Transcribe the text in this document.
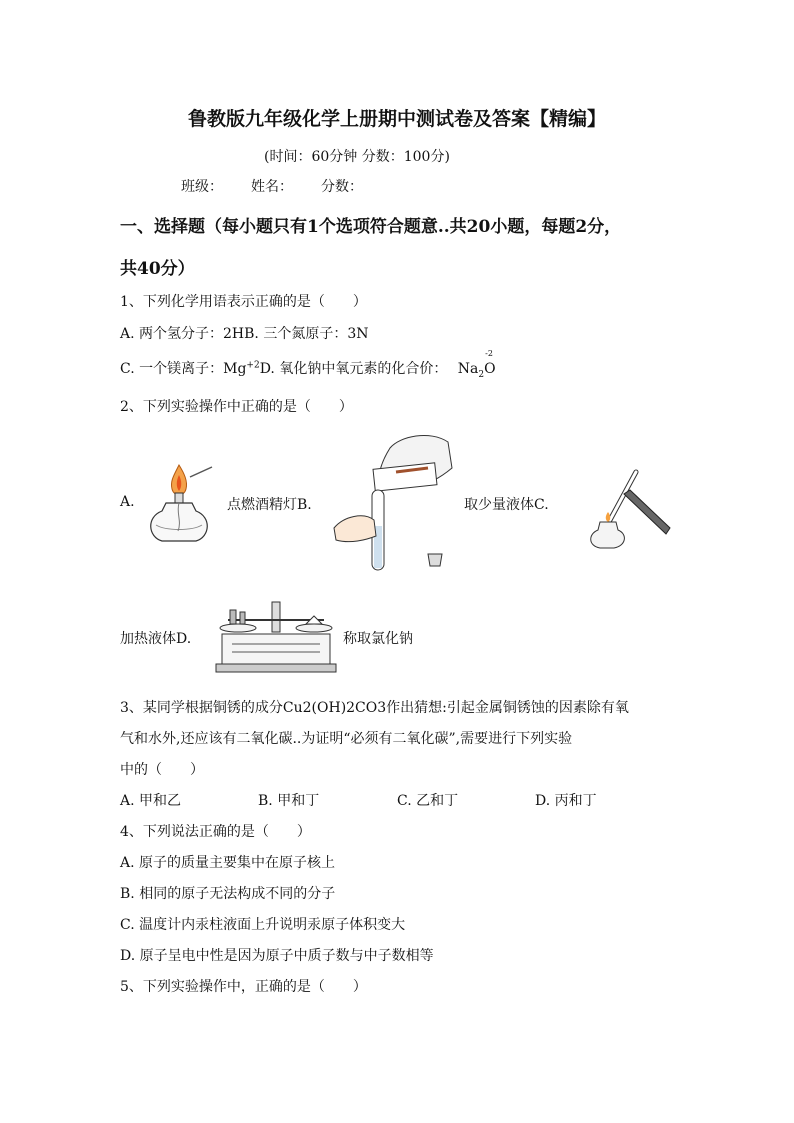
鲁教版九年级化学上册期中测试卷及答案【精编】
(时间：60分钟 分数：100分)
班级： 姓名： 分数：
一、选择题（每小题只有1个选项符合题意..共20小题，每题2分，
共40分）
1、下列化学用语表示正确的是（　　）
A. 两个氢分子：2HB. 三个氮原子：3N
C. 一个镁离子：$Mg^{+2}D$. 氧化钠中氧元素的化合价： $Na_2O$
-2
2、下列实验操作中正确的是（　　）
A.	点燃酒精灯B.	取少量液体C.
加热液体D.	称取氯化钠
3、某同学根据铜锈的成分Cu2(OH)2CO3作出猜想:引起金属铜锈蚀的因素除有氧
气和水外,还应该有二氧化碳..为证明“必须有二氧化碳”,需要进行下列实验
中的（　　）
A. 甲和乙	B. 甲和丁	C. 乙和丁	D. 丙和丁
4、下列说法正确的是（　　）
A. 原子的质量主要集中在原子核上
B. 相同的原子无法构成不同的分子
C. 温度计内汞柱液面上升说明汞原子体积变大
D. 原子呈电中性是因为原子中质子数与中子数相等
5、下列实验操作中，正确的是（　　）
